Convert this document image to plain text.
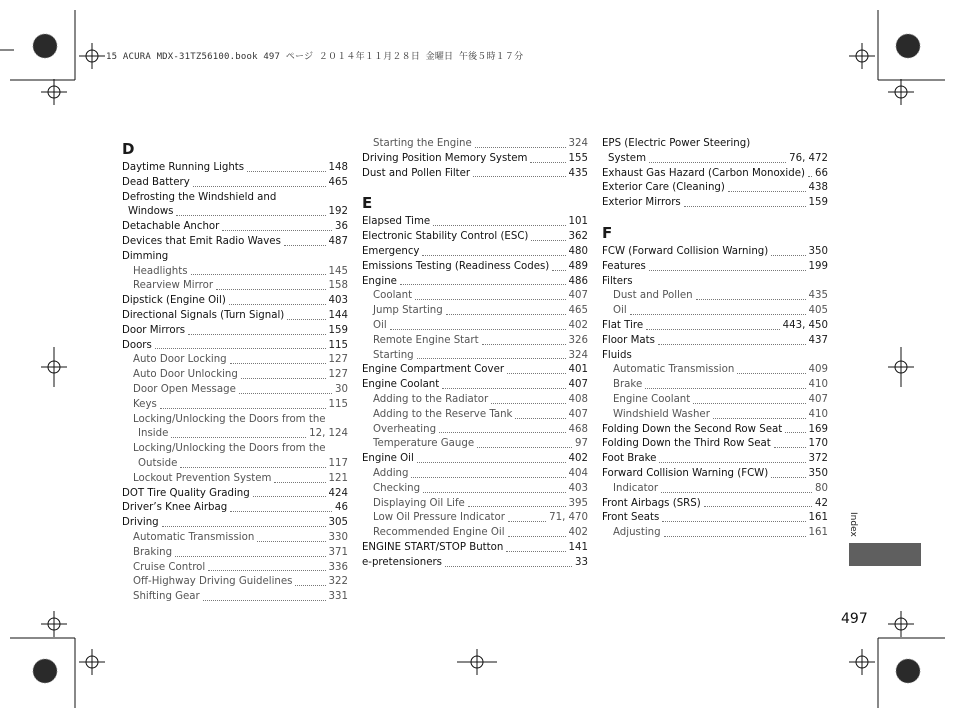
15 ACURA MDX-31TZ56100.book 497 ページ ２０１４年１１月２８日 金曜日 午後５時１７分
D
Daytime Running Lights	148
Dead Battery	465
Defrosting the Windshield and
Windows	192
Detachable Anchor	36
Devices that Emit Radio Waves	487
Dimming
Headlights	145
Rearview Mirror	158
Dipstick (Engine Oil)	403
Directional Signals (Turn Signal)	144
Door Mirrors	159
Doors	115
Auto Door Locking	127
Auto Door Unlocking	127
Door Open Message	30
Keys	115
Locking/Unlocking the Doors from the
Inside	12, 124
Locking/Unlocking the Doors from the
Outside	117
Lockout Prevention System	121
DOT Tire Quality Grading	424
Driver’s Knee Airbag	46
Driving	305
Automatic Transmission	330
Braking	371
Cruise Control	336
Off-Highway Driving Guidelines	322
Shifting Gear	331
Starting the Engine	324
Driving Position Memory System	155
Dust and Pollen Filter	435
E
Elapsed Time	101
Electronic Stability Control (ESC)	362
Emergency	480
Emissions Testing (Readiness Codes) 489
Engine	486
Coolant	407
Jump Starting	465
Oil	402
Remote Engine Start	326
Starting	324
Engine Compartment Cover	401
Engine Coolant	407
Adding to the Radiator	408
Adding to the Reserve Tank	407
Overheating	468
Temperature Gauge	97
Engine Oil	402
Adding	404
Checking	403
Displaying Oil Life	395
Low Oil Pressure Indicator	71, 470
Recommended Engine Oil	402
ENGINE START/STOP Button	141
e-pretensioners	33
EPS (Electric Power Steering)
System	76, 472
Exhaust Gas Hazard (Carbon Monoxide) 66
Exterior Care (Cleaning)	438
Exterior Mirrors	159
F
FCW (Forward Collision Warning)	350
Features	199
Filters
Dust and Pollen	435
Oil	405
Flat Tire	443, 450
Floor Mats	437
Fluids
Automatic Transmission	409
Brake	410
Engine Coolant	407
Windshield Washer	410
Folding Down the Second Row Seat	169
Folding Down the Third Row Seat	170
Foot Brake	372
Forward Collision Warning (FCW)	350
Indicator	80
Front Airbags (SRS)	42
Front Seats	161
Adjusting	161 Index
497
